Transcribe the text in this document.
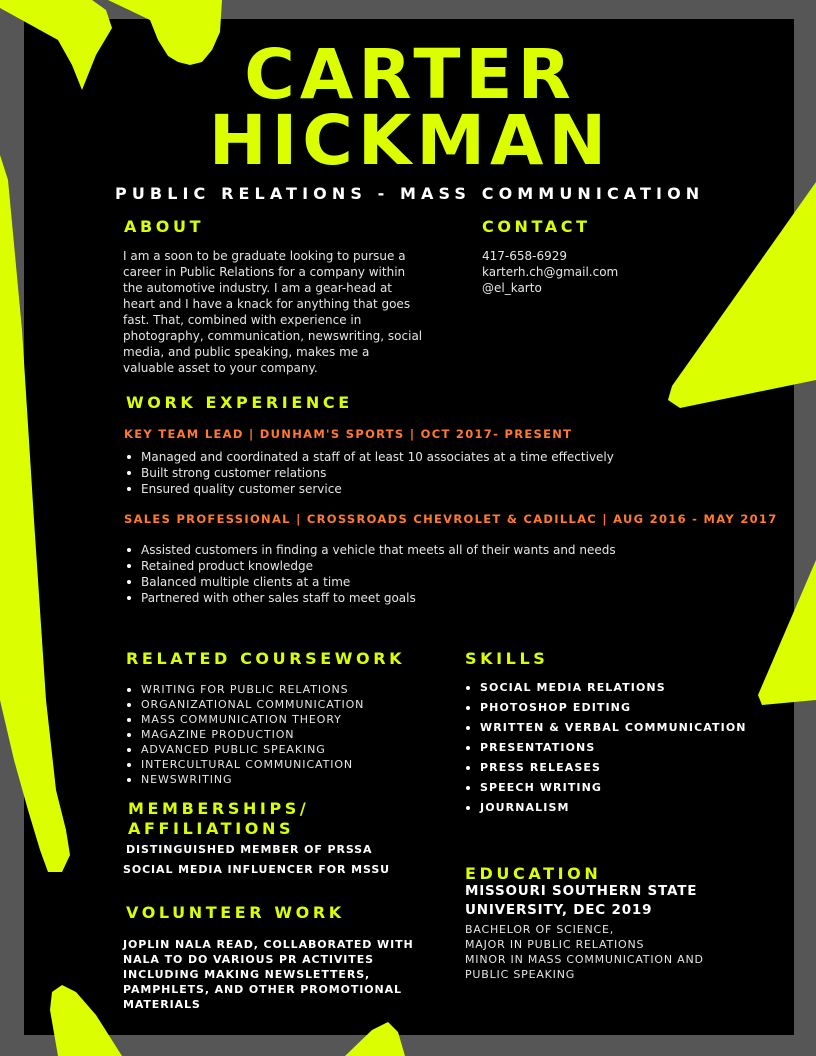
CARTER
HICKMAN
PUBLIC RELATIONS - MASS COMMUNICATION
ABOUT
I am a soon to be graduate looking to pursue a career in Public Relations for a company within the automotive industry. I am a gear-head at heart and I have a knack for anything that goes fast. That, combined with experience in photography, communication, newswriting, social media, and public speaking, makes me a valuable asset to your company.
CONTACT
417-658-6929
karterh.ch@gmail.com
@el_karto
WORK EXPERIENCE
KEY TEAM LEAD | DUNHAM'S SPORTS | OCT 2017- PRESENT
Managed and coordinated a staff of at least 10 associates at a time effectively
Built strong customer relations
Ensured quality customer service
SALES PROFESSIONAL | CROSSROADS CHEVROLET & CADILLAC | AUG 2016 - MAY 2017
Assisted customers in finding a vehicle that meets all of their wants and needs
Retained product knowledge
Balanced multiple clients at a time
Partnered with other sales staff to meet goals
RELATED COURSEWORK
WRITING FOR PUBLIC RELATIONS
ORGANIZATIONAL COMMUNICATION
MASS COMMUNICATION THEORY
MAGAZINE PRODUCTION
ADVANCED PUBLIC SPEAKING
INTERCULTURAL COMMUNICATION
NEWSWRITING
SKILLS
SOCIAL MEDIA RELATIONS
PHOTOSHOP EDITING
WRITTEN & VERBAL COMMUNICATION
PRESENTATIONS
PRESS RELEASES
SPEECH WRITING
JOURNALISM
MEMBERSHIPS/
AFFILIATIONS
DISTINGUISHED MEMBER OF PRSSA
SOCIAL MEDIA INFLUENCER FOR MSSU
VOLUNTEER WORK
JOPLIN NALA READ, COLLABORATED WITH NALA TO DO VARIOUS PR ACTIVITES INCLUDING MAKING NEWSLETTERS, PAMPHLETS, AND OTHER PROMOTIONAL MATERIALS
EDUCATION
MISSOURI SOUTHERN STATE
UNIVERSITY, DEC 2019
BACHELOR OF SCIENCE,
MAJOR IN PUBLIC RELATIONS
MINOR IN MASS COMMUNICATION AND
PUBLIC SPEAKING
